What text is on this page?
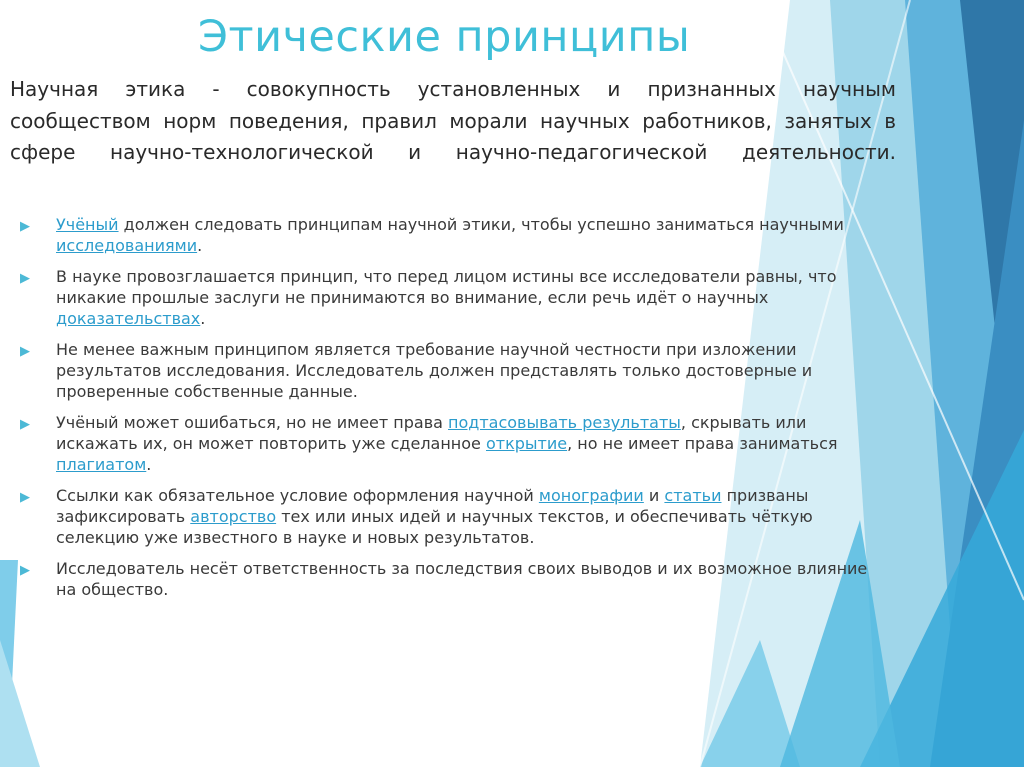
Этические принципы

Научная этика - совокупность установленных и признанных научным сообществом норм поведения, правил морали научных работников, занятых в сфере научно-технологической и научно-педагогической деятельности.

▶ Учёный должен следовать принципам научной этики, чтобы успешно заниматься научными исследованиями.
▶ В науке провозглашается принцип, что перед лицом истины все исследователи равны, что никакие прошлые заслуги не принимаются во внимание, если речь идёт о научных доказательствах.
▶ Не менее важным принципом является требование научной честности при изложении результатов исследования. Исследователь должен представлять только достоверные и проверенные собственные данные.
▶ Учёный может ошибаться, но не имеет права подтасовывать результаты, скрывать или искажать их, он может повторить уже сделанное открытие, но не имеет права заниматься плагиатом.
▶ Ссылки как обязательное условие оформления научной монографии и статьи призваны зафиксировать авторство тех или иных идей и научных текстов, и обеспечивать чёткую селекцию уже известного в науке и новых результатов.
▶ Исследователь несёт ответственность за последствия своих выводов и их возможное влияние на общество.
